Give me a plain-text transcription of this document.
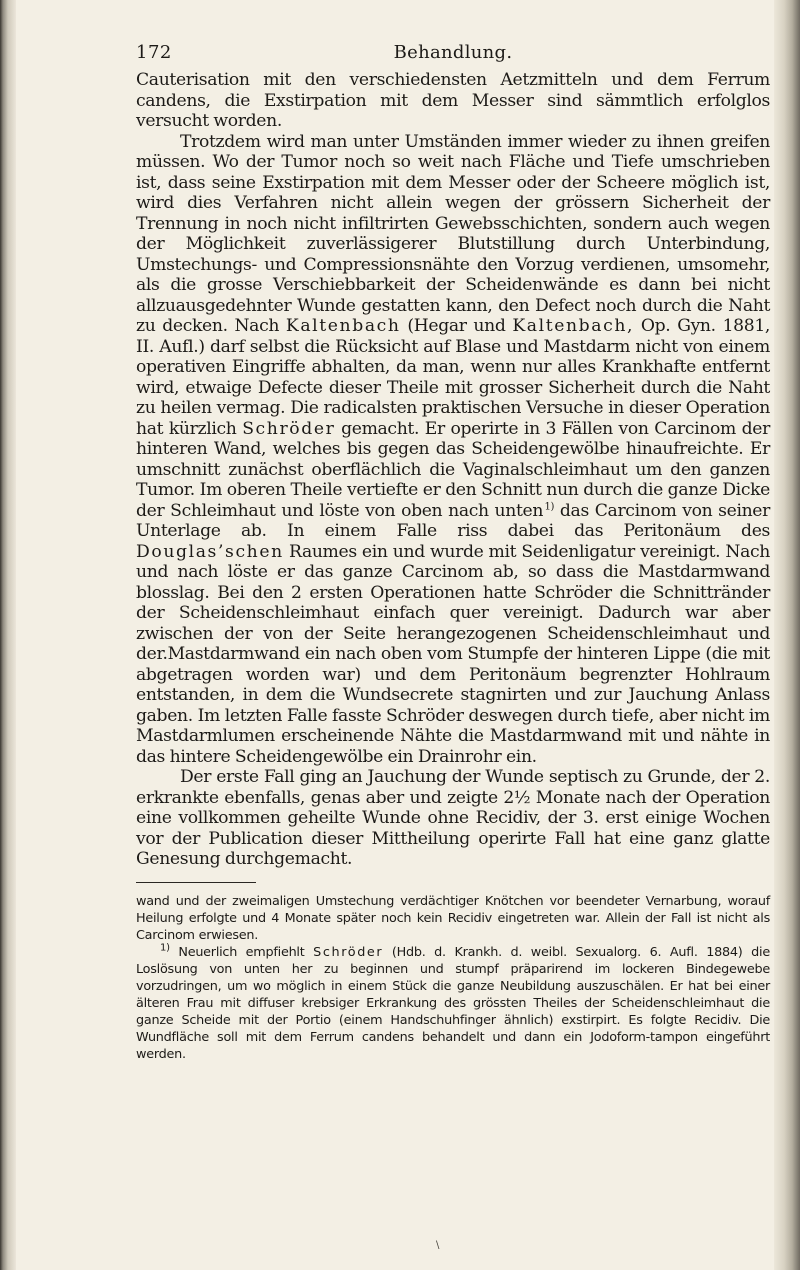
172	Behandlung.

Cauterisation mit den verschiedensten Aetzmitteln und dem Ferrum candens, die Exstirpation mit dem Messer sind sämmtlich erfolglos versucht worden.

Trotzdem wird man unter Umständen immer wieder zu ihnen greifen müssen. Wo der Tumor noch so weit nach Fläche und Tiefe umschrieben ist, dass seine Exstirpation mit dem Messer oder der Scheere möglich ist, wird dies Verfahren nicht allein wegen der grössern Sicherheit der Trennung in noch nicht infiltrirten Gewebsschichten, sondern auch wegen der Möglichkeit zuverlässigerer Blutstillung durch Unterbindung, Umstechungs- und Compressionsnähte den Vorzug verdienen, umsomehr, als die grosse Verschiebbarkeit der Scheidenwände es dann bei nicht allzuausgedehnter Wunde gestatten kann, den Defect noch durch die Naht zu decken. Nach Kaltenbach (Hegar und Kaltenbach, Op. Gyn. 1881, II. Aufl.) darf selbst die Rücksicht auf Blase und Mastdarm nicht von einem operativen Eingriffe abhalten, da man, wenn nur alles Krankhafte entfernt wird, etwaige Defecte dieser Theile mit grosser Sicherheit durch die Naht zu heilen vermag. Die radicalsten praktischen Versuche in dieser Operation hat kürzlich Schröder gemacht. Er operirte in 3 Fällen von Carcinom der hinteren Wand, welches bis gegen das Scheidengewölbe hinaufreichte. Er umschnitt zunächst oberflächlich die Vaginalschleimhaut um den ganzen Tumor. Im oberen Theile vertiefte er den Schnitt nun durch die ganze Dicke der Schleimhaut und löste von oben nach unten $^{1)}$ das Carcinom von seiner Unterlage ab. In einem Falle riss dabei das Peritonäum des Douglas’schen Raumes ein und wurde mit Seidenligatur vereinigt. Nach und nach löste er das ganze Carcinom ab, so dass die Mastdarmwand blosslag. Bei den 2 ersten Operationen hatte Schröder die Schnittränder der Scheidenschleimhaut einfach quer vereinigt. Dadurch war aber zwischen der von der Seite herangezogenen Scheidenschleimhaut und der.Mastdarmwand ein nach oben vom Stumpfe der hinteren Lippe (die mit abgetragen worden war) und dem Peritonäum begrenzter Hohlraum entstanden, in dem die Wundsecrete stagnirten und zur Jauchung Anlass gaben. Im letzten Falle fasste Schröder deswegen durch tiefe, aber nicht im Mastdarmlumen erscheinende Nähte die Mastdarmwand mit und nähte in das hintere Scheidengewölbe ein Drainrohr ein.

Der erste Fall ging an Jauchung der Wunde septisch zu Grunde, der 2. erkrankte ebenfalls, genas aber und zeigte 2½ Monate nach der Operation eine vollkommen geheilte Wunde ohne Recidiv, der 3. erst einige Wochen vor der Publication dieser Mittheilung operirte Fall hat eine ganz glatte Genesung durchgemacht.

wand und der zweimaligen Umstechung verdächtiger Knötchen vor beendeter Vernarbung, worauf Heilung erfolgte und 4 Monate später noch kein Recidiv eingetreten war. Allein der Fall ist nicht als Carcinom erwiesen.

$^{1)}$ Neuerlich empfiehlt Schröder (Hdb. d. Krankh. d. weibl. Sexualorg. 6. Aufl. 1884) die Loslösung von unten her zu beginnen und stumpf präparirend im lockeren Bindegewebe vorzudringen, um wo möglich in einem Stück die ganze Neubildung auszuschälen. Er hat bei einer älteren Frau mit diffuser krebsiger Erkrankung des grössten Theiles der Scheidenschleimhaut die ganze Scheide mit der Portio (einem Handschuhfinger ähnlich) exstirpirt. Es folgte Recidiv. Die Wundfläche soll mit dem Ferrum candens behandelt und dann ein Jodoform-tampon eingeführt werden.

\
